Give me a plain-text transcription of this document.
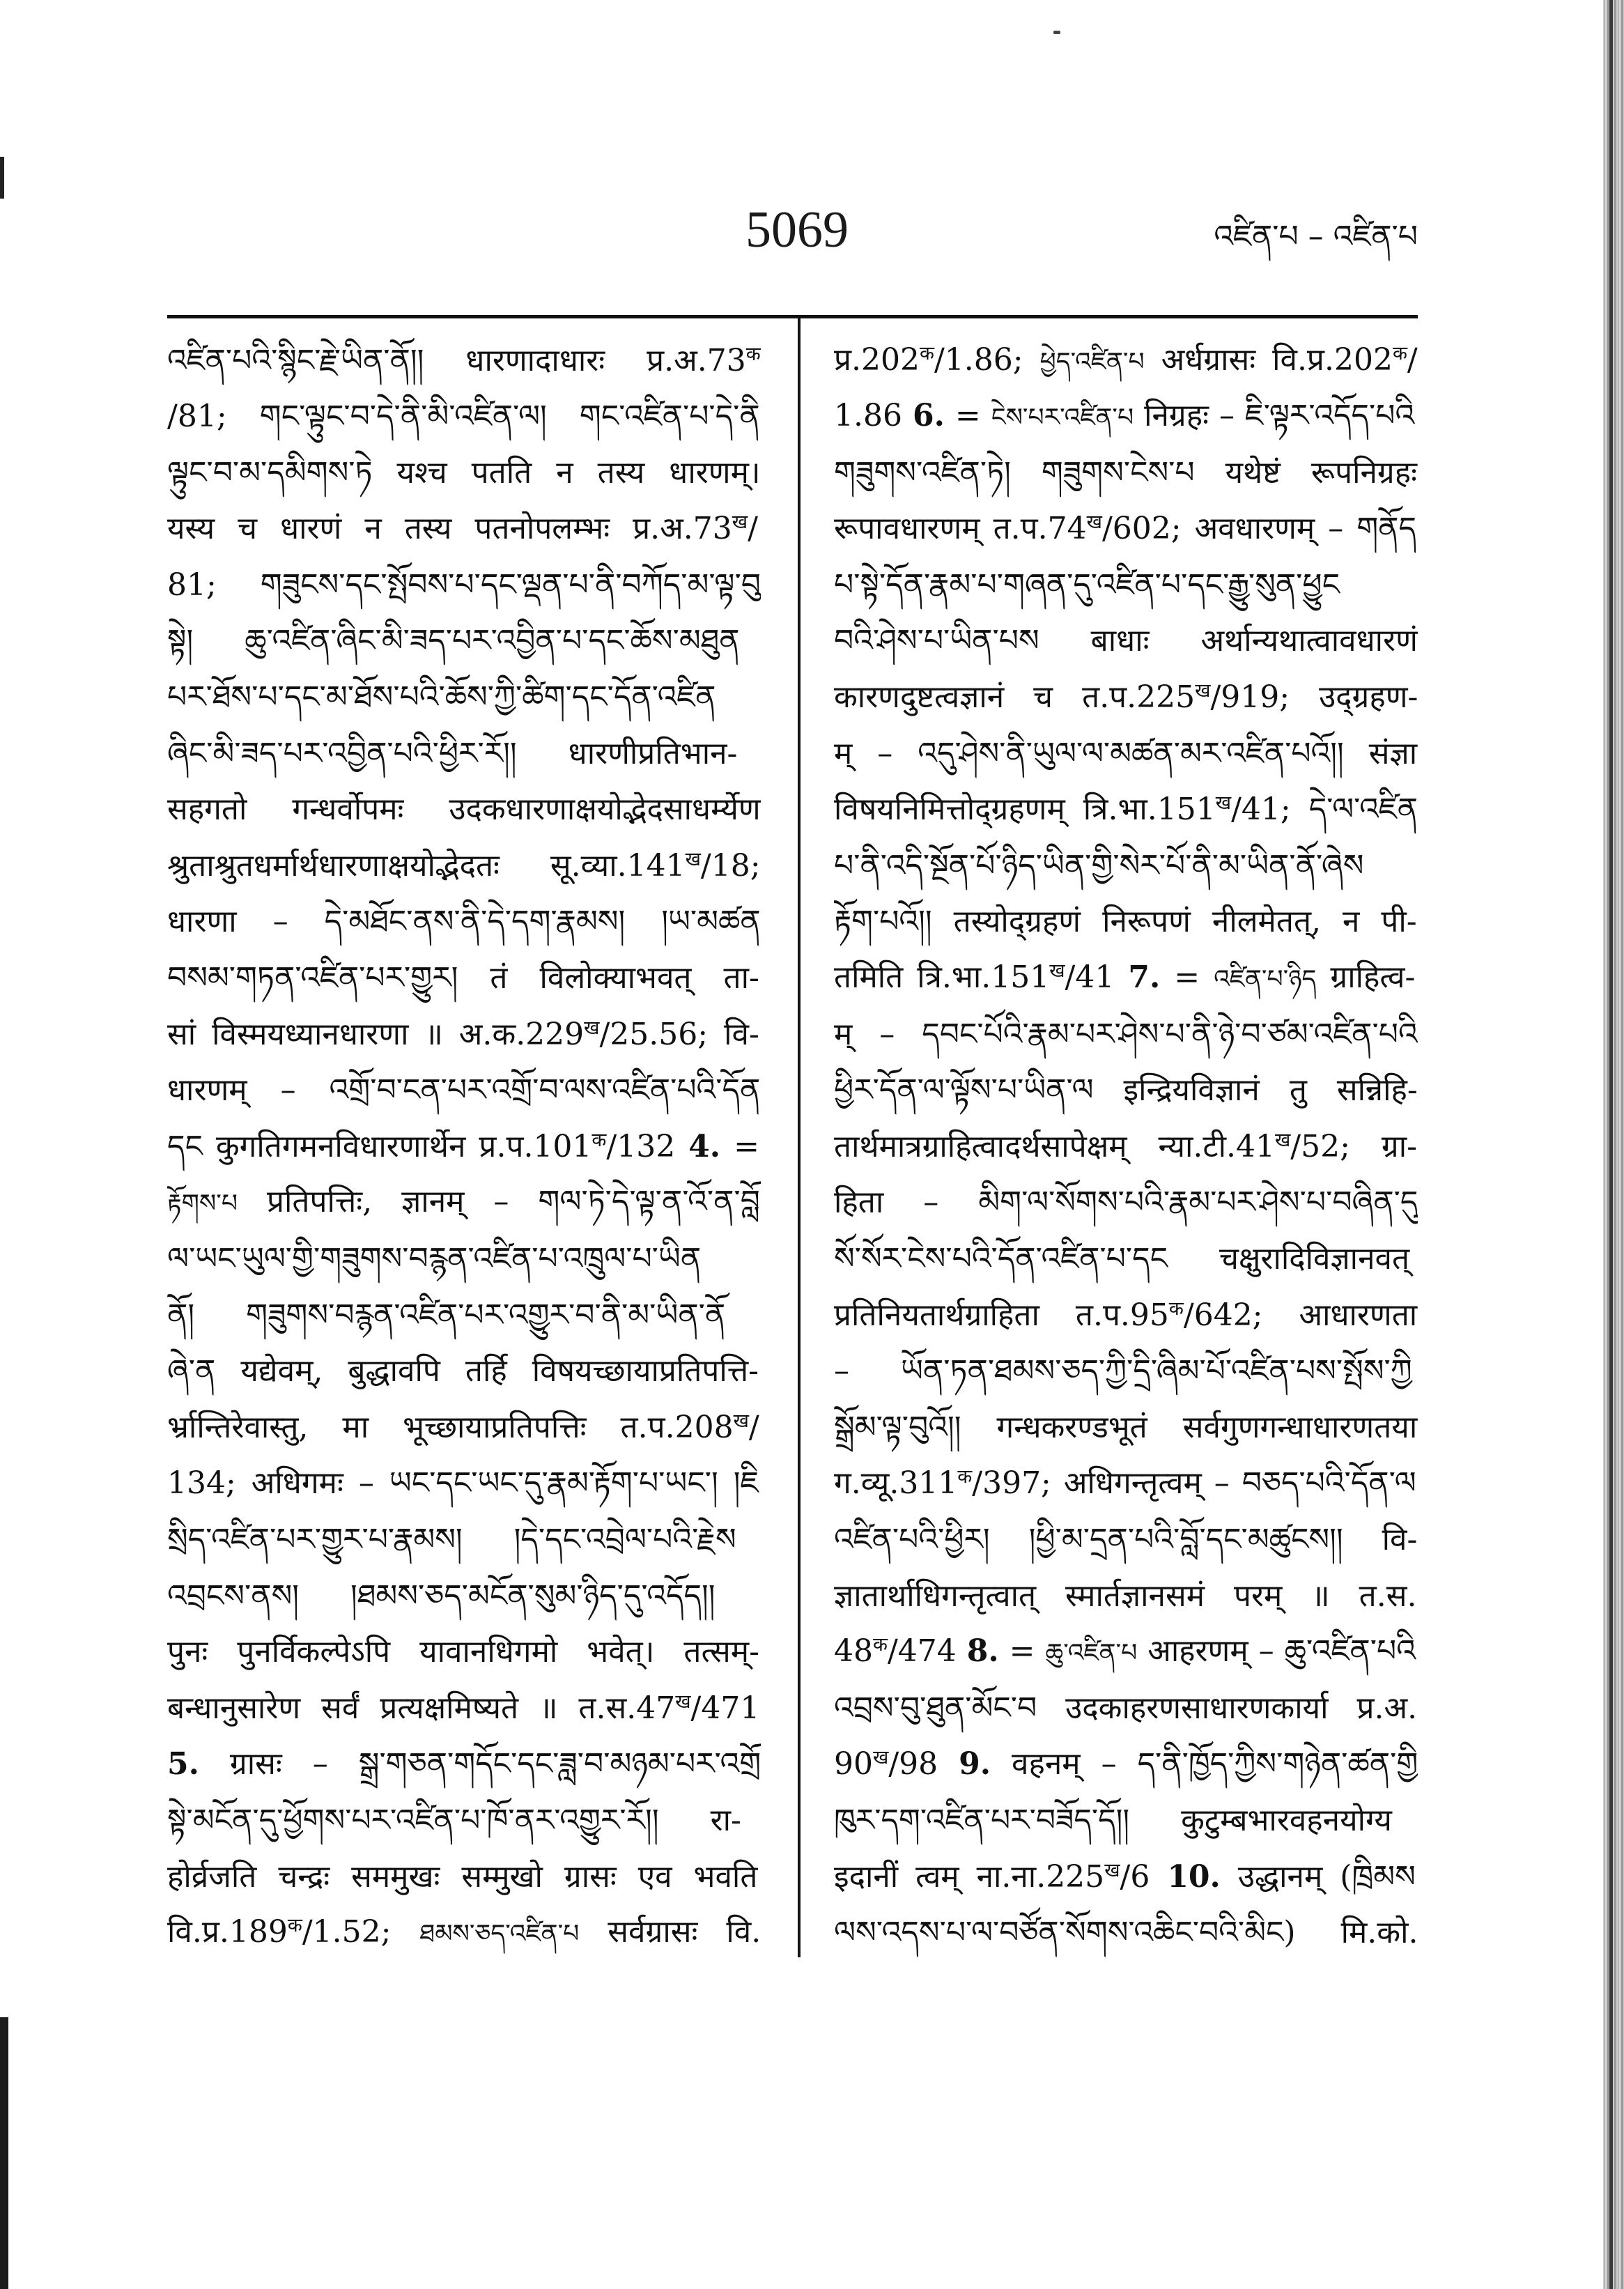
5069	འཛིན་པ – འཛིན་པ
འཛིན་པའི་སྙིང་རྗེ་ཡིན་ནོ།། धारणादाधारः $प्र.अ.73^क$
/81; གང་ལྟུང་བ་དེ་ནི་མི་འཛིན་ལ། གང་འཛིན་པ་དེ་ནི
ལྟུང་བ་མ་དམིགས་ཏེ यश्च पतति न तस्य धारणम्।
यस्य च धारणं न तस्य पतनोपलम्भः $प्र.अ.73^ख/$
81; གཟུངས་དང་སྤོབས་པ་དང་ལྡན་པ་ནི་བཀོད་མ་ལྟ་བུ
སྟེ། ཆུ་འཛིན་ཞིང་མི་ཟད་པར་འབྱིན་པ་དང་ཆོས་མཐུན
པར་ཐོས་པ་དང་མ་ཐོས་པའི་ཆོས་ཀྱི་ཚིག་དང་དོན་འཛིན
ཞིང་མི་ཟད་པར་འབྱིན་པའི་ཕྱིར་རོ།། धारणीप्रतिभान-
सहगतो गन्धर्वोपमः उदकधारणाक्षयोद्भेदसाधर्म्येण
श्रुताश्रुतधर्मार्थधारणाक्षयोद्भेदतः $सू.व्या.141^ख/18$;
धारणा – དེ་མཐོང་ནས་ནི་དེ་དག་རྣམས། །ཡ་མཚན
བསམ་གཏན་འཛིན་པར་གྱུར། तं विलोक्याभवत् ता-
सां विस्मयध्यानधारणा ॥ $अ.क.229^ख/25.56$; वि-
धारणम् – འགྲོ་བ་ངན་པར་འགྲོ་བ་ལས་འཛིན་པའི་དོན
དང कुगतिगमनविधारणार्थेन $प्र.प.101^क/132$ 4. =
རྟོགས་པ प्रतिपत्तिः, ज्ञानम् – གལ་ཏེ་དེ་ལྟ་ན་འོ་ན་བློ
ལ་ཡང་ཡུལ་གྱི་གཟུགས་བརྙན་འཛིན་པ་འཁྲུལ་པ་ཡིན
ནོ། གཟུགས་བརྙན་འཛིན་པར་འགྱུར་བ་ནི་མ་ཡིན་ནོ
ཞེ་ན यद्येवम्, बुद्धावपि तर्हि विषयच्छायाप्रतिपत्ति-
र्भ्रान्तिरेवास्तु, मा भूच्छायाप्रतिपत्तिः $त.प.208^ख/$
134; अधिगमः – ཡང་དང་ཡང་དུ་རྣམ་རྟོག་པ་ཡང༌། །ཇི
སྲིད་འཛིན་པར་གྱུར་པ་རྣམས། །དེ་དང་འབྲེལ་པའི་རྗེས
འབྲངས་ནས། །ཐམས་ཅད་མངོན་སུམ་ཉིད་དུ་འདོད།།
पुनः पुनर्विकल्पेऽपि यावानधिगमो भवेत्। तत्सम्-
बन्धानुसारेण सर्वं प्रत्यक्षमिष्यते ॥ $त.स.47^ख/471$
5. ग्रासः – སྒྲ་གཅན་གདོང་དང་ཟླ་བ་མཉམ་པར་འགྲོ
སྟེ་མངོན་དུ་ཕྱོགས་པར་འཛིན་པ་ཁོ་ནར་འགྱུར་རོ།། रा-
होर्व्रजति चन्द्रः सममुखः सम्मुखो ग्रासः एव भवति
$वि.प्र.189^क/1.52$; ཐམས་ཅད་འཛིན་པ सर्वग्रासः वि.
$प्र.202^क/1.86$; ཕྱེད་འཛིན་པ अर्धग्रासः $वि.प्र.202^क/$
1.86 6. = ངེས་པར་འཛིན་པ निग्रहः – ཇི་ལྟར་འདོད་པའི
གཟུགས་འཛིན་ཏེ། གཟུགས་ངེས་པ यथेष्टं रूपनिग्रहः
रूपावधारणम् $त.प.74^ख/602$; अवधारणम् – གནོད
པ་སྟེ་དོན་རྣམ་པ་གཞན་དུ་འཛིན་པ་དང་རྒྱུ་སུན་ཕྱུང
བའི་ཤེས་པ་ཡིན་པས बाधाः अर्थान्यथात्वावधारणं
कारणदुष्टत्वज्ञानं च $त.प.225^ख/919$; उद्ग्रहण-
म् – འདུ་ཤེས་ནི་ཡུལ་ལ་མཚན་མར་འཛིན་པའོ།། संज्ञा
विषयनिमित्तोद्ग्रहणम् $त्रि.भा.151^ख/41$; དེ་ལ་འཛིན
པ་ནི་འདི་སྔོན་པོ་ཉིད་ཡིན་གྱི་སེར་པོ་ནི་མ་ཡིན་ནོ་ཞེས
རྟོག་པའོ།། तस्योद्ग्रहणं निरूपणं नीलमेतत्, न पी-
तमिति $त्रि.भा.151^ख/41$ 7. = འཛིན་པ་ཉིད ग्राहित्व-
म् – དབང་པོའི་རྣམ་པར་ཤེས་པ་ནི་ཉེ་བ་ཙམ་འཛིན་པའི
ཕྱིར་དོན་ལ་ལྟོས་པ་ཡིན་ལ इन्द्रियविज्ञानं तु सन्निहि-
तार्थमात्रग्राहित्वादर्थसापेक्षम् $न्या.टी.41^ख/52$; ग्रा-
हिता – མིག་ལ་སོགས་པའི་རྣམ་པར་ཤེས་པ་བཞིན་དུ
སོ་སོར་ངེས་པའི་དོན་འཛིན་པ་དང चक्षुरादिविज्ञानवत्
प्रतिनियतार्थग्राहिता $त.प.95^क/642$; आधारणता
– ཡོན་ཏན་ཐམས་ཅད་ཀྱི་དྲི་ཞིམ་པོ་འཛིན་པས་སྤོས་ཀྱི
སྒྲོམ་ལྟ་བུའོ།། गन्धकरण्डभूतं सर्वगुणगन्धाधारणतया
$ग.व्यू.311^क/397$; अधिगन्तृत्वम् – བཅད་པའི་དོན་ལ
འཛིན་པའི་ཕྱིར། །ཕྱི་མ་དྲན་པའི་བློ་དང་མཚུངས།། वि-
ज्ञातार्थाधिगन्तृत्वात् स्मार्तज्ञानसमं परम् ॥ त.स.
$48^क/474$ 8. = ཆུ་འཛིན་པ आहरणम् – ཆུ་འཛིན་པའི
འབྲས་བུ་ཐུན་མོང་བ उदकाहरणसाधारणकार्या प्र.अ.
$90^ख/98$ 9. वहनम् – ད་ནི་ཁྱོད་ཀྱིས་གཉེན་ཚན་གྱི
ཁུར་དག་འཛིན་པར་བཟོད་དོ།། कुटुम्बभारवहनयोग्य
इदानीं त्वम् $ना.ना.225^ख/6$ 10. उद्धानम् (ཁྲིམས
ལས་འདས་པ་ལ་བཙོན་སོགས་འཆིང་བའི་མིང) मि.को.
